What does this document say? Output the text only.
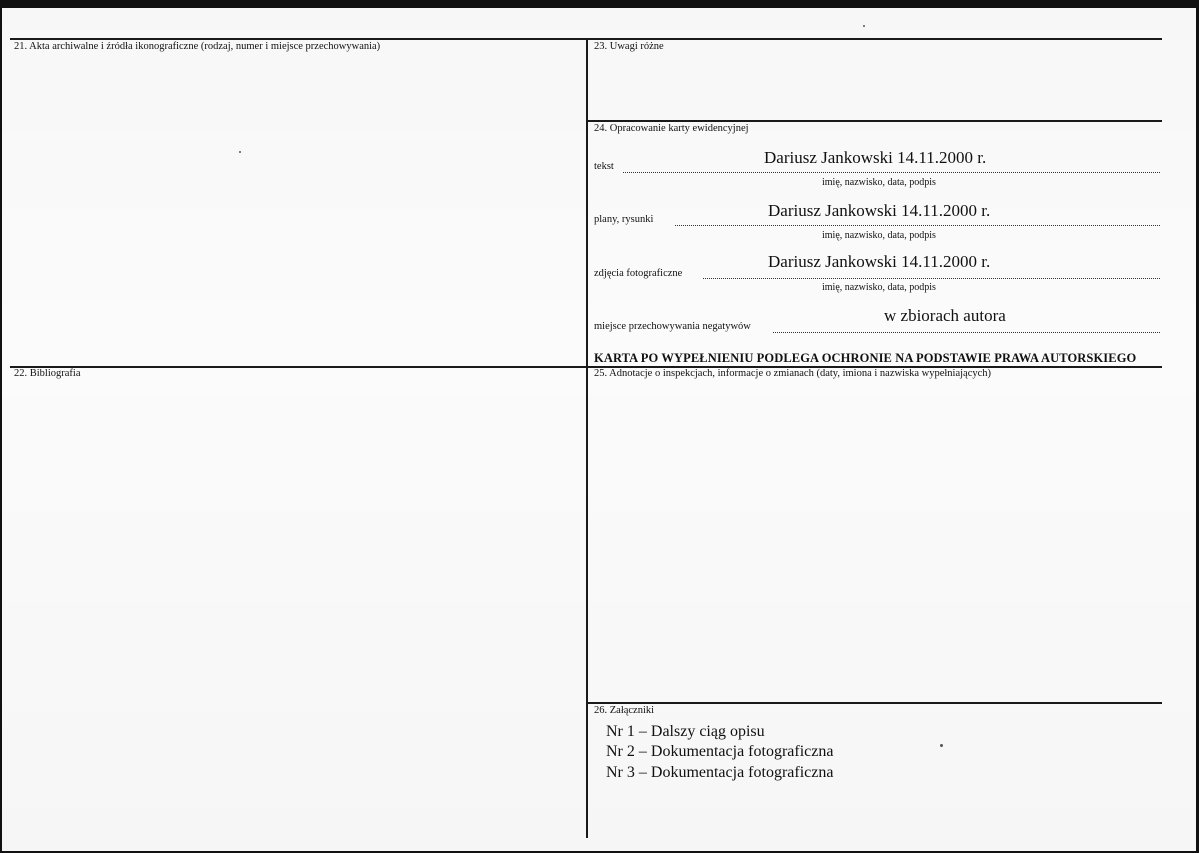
21. Akta archiwalne i źródła ikonograficzne (rodzaj, numer i miejsce przechowywania)
22. Bibliografia
23. Uwagi różne
24. Opracowanie karty ewidencyjnej
tekst	Dariusz Jankowski 14.11.2000 r.
imię, nazwisko, data, podpis
plany, rysunki	Dariusz Jankowski 14.11.2000 r.
imię, nazwisko, data, podpis
zdjęcia fotograficzne
Dariusz Jankowski 14.11.2000 r.
imię, nazwisko, data, podpis
miejsce przechowywania negatywów
w zbiorach autora
KARTA PO WYPEŁNIENIU PODLEGA OCHRONIE NA PODSTAWIE PRAWA AUTORSKIEGO
25. Adnotacje o inspekcjach, informacje o zmianach (daty, imiona i nazwiska wypełniających)
26. Załączniki
Nr 1 – Dalszy ciąg opisu
Nr 2 – Dokumentacja fotograficzna
Nr 3 – Dokumentacja fotograficzna
